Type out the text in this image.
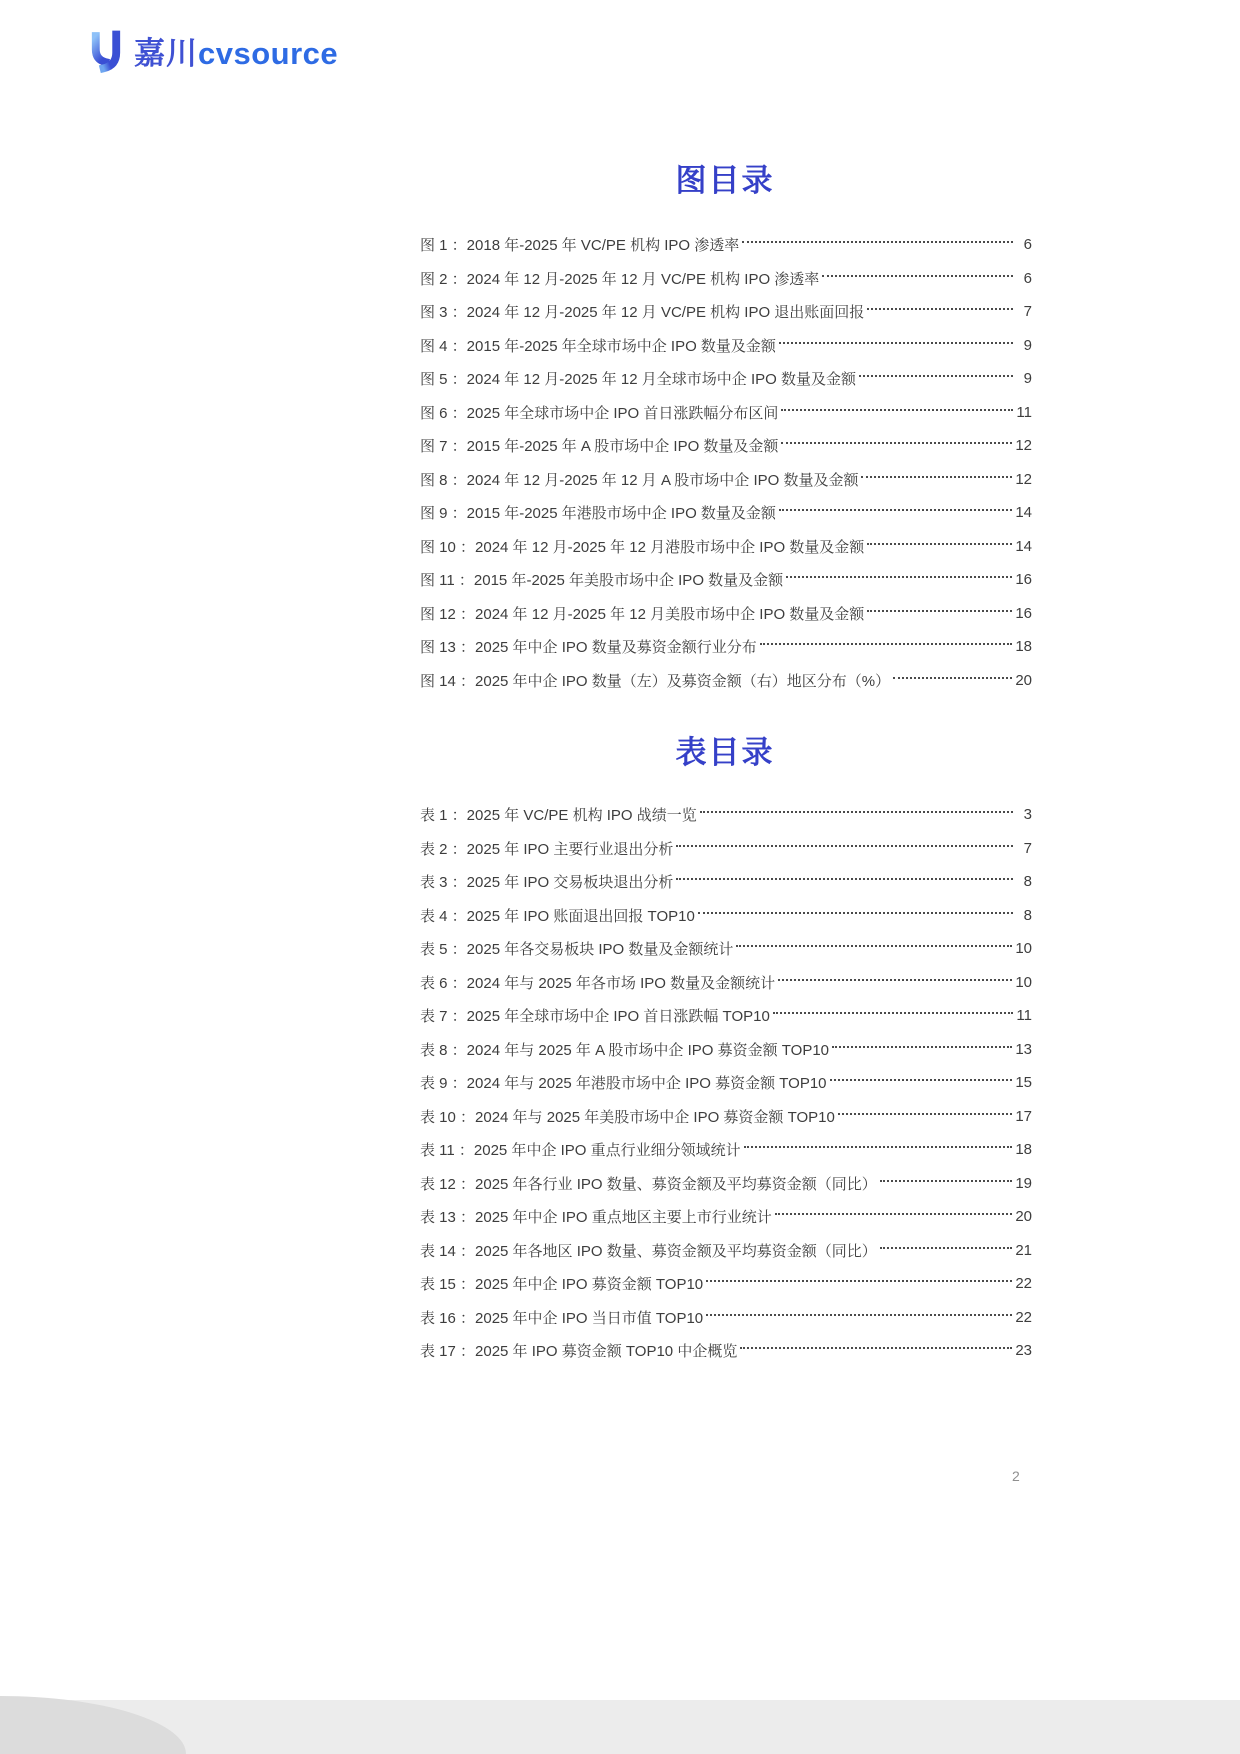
嘉川 cvsource
图目录
图 1 ：2018 年-2025 年 VC/PE 机构 IPO 渗透率	6
图 2 ：2024 年 12 月-2025 年 12 月 VC/PE 机构 IPO 渗透率	6
图 3 ：2024 年 12 月-2025 年 12 月 VC/PE 机构 IPO 退出账面回报	7
图 4 ：2015 年-2025 年全球市场中企 IPO 数量及金额	9
图 5 ：2024 年 12 月-2025 年 12 月全球市场中企 IPO 数量及金额	9
图 6 ：2025 年全球市场中企 IPO 首日涨跌幅分布区间	11
图 7 ：2015 年-2025 年 A 股市场中企 IPO 数量及金额	12
图 8 ：2024 年 12 月-2025 年 12 月 A 股市场中企 IPO 数量及金额	12
图 9 ：2015 年-2025 年港股市场中企 IPO 数量及金额	14
图 10 ：2024 年 12 月-2025 年 12 月港股市场中企 IPO 数量及金额	14
图 11 ：2015 年-2025 年美股市场中企 IPO 数量及金额	16
图 12 ：2024 年 12 月-2025 年 12 月美股市场中企 IPO 数量及金额	16
图 13 ：2025 年中企 IPO 数量及募资金额行业分布	18
图 14 ：2025 年中企 IPO 数量（左）及募资金额（右）地区分布（%）	20
表目录
表 1 ：2025 年 VC/PE 机构 IPO 战绩一览	3
表 2 ：2025 年 IPO 主要行业退出分析	7
表 3 ：2025 年 IPO 交易板块退出分析	8
表 4 ：2025 年 IPO 账面退出回报 TOP10	8
表 5 ：2025 年各交易板块 IPO 数量及金额统计	10
表 6 ：2024 年与 2025 年各市场 IPO 数量及金额统计	10
表 7 ：2025 年全球市场中企 IPO 首日涨跌幅 TOP10	11
表 8 ：2024 年与 2025 年 A 股市场中企 IPO 募资金额 TOP10	13
表 9 ：2024 年与 2025 年港股市场中企 IPO 募资金额 TOP10	15
表 10 ：2024 年与 2025 年美股市场中企 IPO 募资金额 TOP10	17
表 11 ：2025 年中企 IPO 重点行业细分领域统计	18
表 12 ：2025 年各行业 IPO 数量、募资金额及平均募资金额（同比）	19
表 13 ：2025 年中企 IPO 重点地区主要上市行业统计	20
表 14 ：2025 年各地区 IPO 数量、募资金额及平均募资金额（同比）	21
表 15 ：2025 年中企 IPO 募资金额 TOP10	22
表 16 ：2025 年中企 IPO 当日市值 TOP10	22
表 17 ：2025 年 IPO 募资金额 TOP10 中企概览	23
2
